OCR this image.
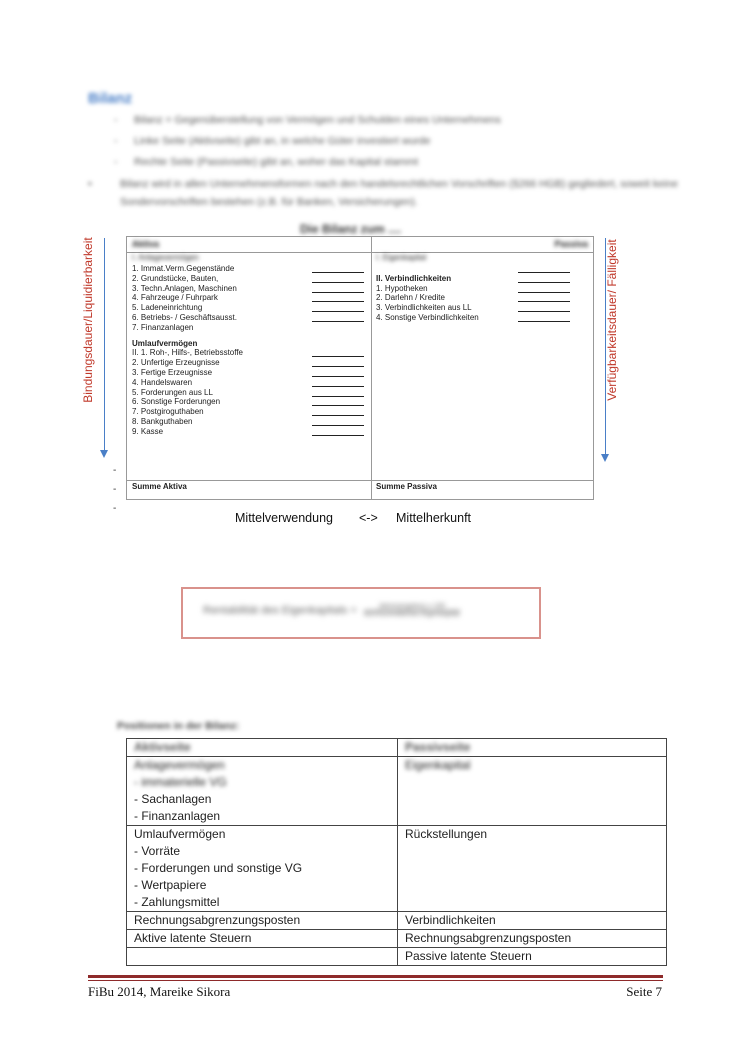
Bilanz
- Bilanz = Gegenüberstellung von Vermögen und Schulden eines Unternehmens
- Linke Seite (Aktivseite) gibt an, in welche Güter investiert wurde
- Rechte Seite (Passivseite) gibt an, woher das Kapital stammt
• Bilanz wird in allen Unternehmensformen nach den handelsrechtlichen Vorschriften (§266 HGB) gegliedert, soweit keine Sondervorschriften bestehen (z.B. für Banken, Versicherungen).
Die Bilanz zum ....
Aktiva	Passiva
I. Anlagevermögen	I. Eigenkapital
1. Immat.Verm.Gegenstände
2. Grundstücke, Bauten,
3. Techn.Anlagen, Maschinen
4. Fahrzeuge / Fuhrpark
5. Ladeneinrichtung
6. Betriebs- / Geschäftsausst.
7. Finanzanlagen
Umlaufvermögen
II. 1. Roh-, Hilfs-, Betriebsstoffe
2. Unfertige Erzeugnisse
3. Fertige Erzeugnisse
4. Handelswaren
5. Forderungen aus LL
6. Sonstige Forderungen
7. Postgiroguthaben
8. Bankguthaben
9. Kasse
II. Verbindlichkeiten
1. Hypotheken
2. Darlehn / Kredite
3. Verbindlichkeiten aus LL
4. Sonstige Verbindlichkeiten
Summe Aktiva	Summe Passiva
Bindungsdauer/Liquidierbarkeit	Verfügbarkeitsdauer/ Fälligkeit
-
-
-
Mittelverwendung <-> Mittelherkunft
Rentabilität des Eigenkapitals =	Jahresergebnis x 100
durchschnittliches Eigenkapital
Positionen in der Bilanz:
Aktivseite	Passivseite

Anlagevermögen
- immaterielle VG
- Sachanlagen
- Finanzanlagen	Eigenkapital

Umlaufvermögen
- Vorräte
- Forderungen und sonstige VG
- Wertpapiere
- Zahlungsmittel	Rückstellungen
Rechnungsabgrenzungsposten	Verbindlichkeiten
Aktive latente Steuern	Rechnungsabgrenzungsposten
	Passive latente Steuern
FiBu 2014, Mareike Sikora	Seite 7
